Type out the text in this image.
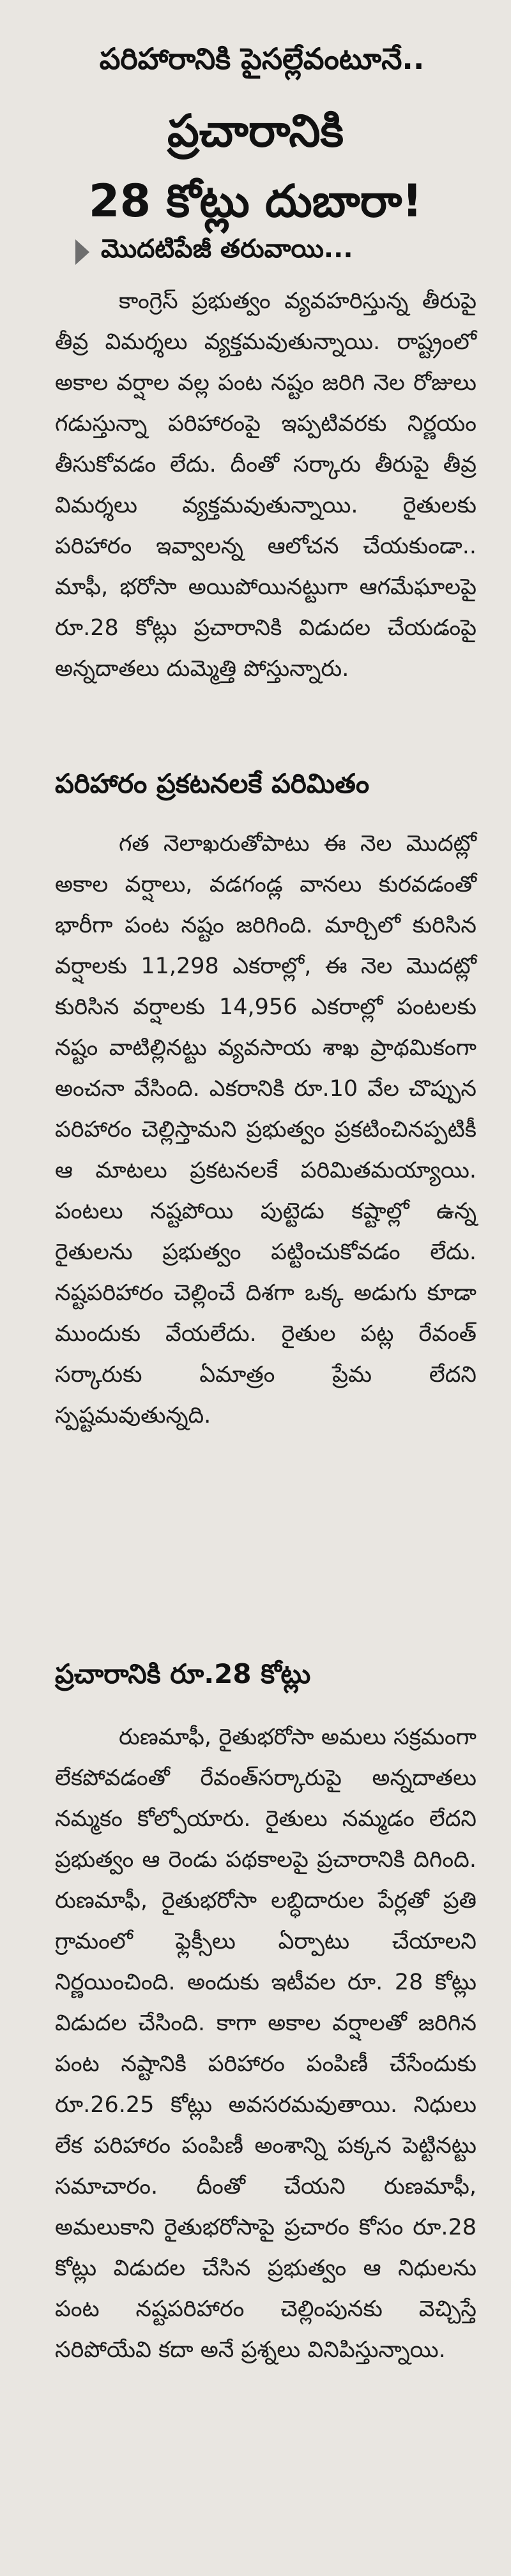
పరిహారానికి పైసల్లేవంటూనే..
ప్రచారానికి
28 కోట్లు దుబారా!
మొదటిపేజీ తరువాయి...

కాంగ్రెస్ ప్రభుత్వం వ్యవహరిస్తున్న తీరుపై తీవ్ర విమర్శలు వ్యక్తమవుతున్నాయి. రాష్ట్రంలో అకాల వర్షాల వల్ల పంట నష్టం జరిగి నెల రోజులు గడుస్తున్నా పరిహారంపై ఇప్పటివరకు నిర్ణయం తీసుకోవడం లేదు. దీంతో సర్కారు తీరుపై తీవ్ర విమర్శలు వ్యక్తమవుతున్నాయి. రైతులకు పరిహారం ఇవ్వాలన్న ఆలోచన చేయకుండా.. మాఫీ, భరోసా అయిపోయినట్టుగా ఆగమేఘాలపై రూ.28 కోట్లు ప్రచారానికి విడుదల చేయడంపై అన్నదాతలు దుమ్మెత్తి పోస్తున్నారు.

పరిహారం ప్రకటనలకే పరిమితం

గత నెలాఖరుతోపాటు ఈ నెల మొదట్లో అకాల వర్షాలు, వడగండ్ల వానలు కురవడంతో భారీగా పంట నష్టం జరిగింది. మార్చిలో కురిసిన వర్షాలకు 11,298 ఎకరాల్లో, ఈ నెల మొదట్లో కురిసిన వర్షాలకు 14,956 ఎకరాల్లో పంటలకు నష్టం వాటిల్లినట్టు వ్యవసాయ శాఖ ప్రాథమికంగా అంచనా వేసింది. ఎకరానికి రూ.10 వేల చొప్పున పరిహారం చెల్లిస్తామని ప్రభుత్వం ప్రకటించినప్పటికీ ఆ మాటలు ప్రకటనలకే పరిమితమయ్యాయి. పంటలు నష్టపోయి పుట్టెడు కష్టాల్లో ఉన్న రైతులను ప్రభుత్వం పట్టించుకోవడం లేదు. నష్టపరిహారం చెల్లించే దిశగా ఒక్క అడుగు కూడా ముందుకు వేయలేదు. రైతుల పట్ల రేవంత్ సర్కారుకు ఏమాత్రం ప్రేమ లేదని స్పష్టమవుతున్నది.

ప్రచారానికి రూ.28 కోట్లు

రుణమాఫీ, రైతుభరోసా అమలు సక్రమంగా లేకపోవడంతో రేవంత్‌సర్కారుపై అన్నదాతలు నమ్మకం కోల్పోయారు. రైతులు నమ్మడం లేదని ప్రభుత్వం ఆ రెండు పథకాలపై ప్రచారానికి దిగింది. రుణమాఫీ, రైతుభరోసా లబ్ధిదారుల పేర్లతో ప్రతి గ్రామంలో ఫ్లెక్సీలు ఏర్పాటు చేయాలని నిర్ణయించింది. అందుకు ఇటీవల రూ. 28 కోట్లు విడుదల చేసింది. కాగా అకాల వర్షాలతో జరిగిన పంట నష్టానికి పరిహారం పంపిణీ చేసేందుకు రూ.26.25 కోట్లు అవసరమవుతాయి. నిధులు లేక పరిహారం పంపిణీ అంశాన్ని పక్కన పెట్టినట్టు సమాచారం. దీంతో చేయని రుణమాఫీ, అమలుకాని రైతుభరోసాపై ప్రచారం కోసం రూ.28 కోట్లు విడుదల చేసిన ప్రభుత్వం ఆ నిధులను పంట నష్టపరిహారం చెల్లింపునకు వెచ్చిస్తే సరిపోయేవి కదా అనే ప్రశ్నలు వినిపిస్తున్నాయి.
